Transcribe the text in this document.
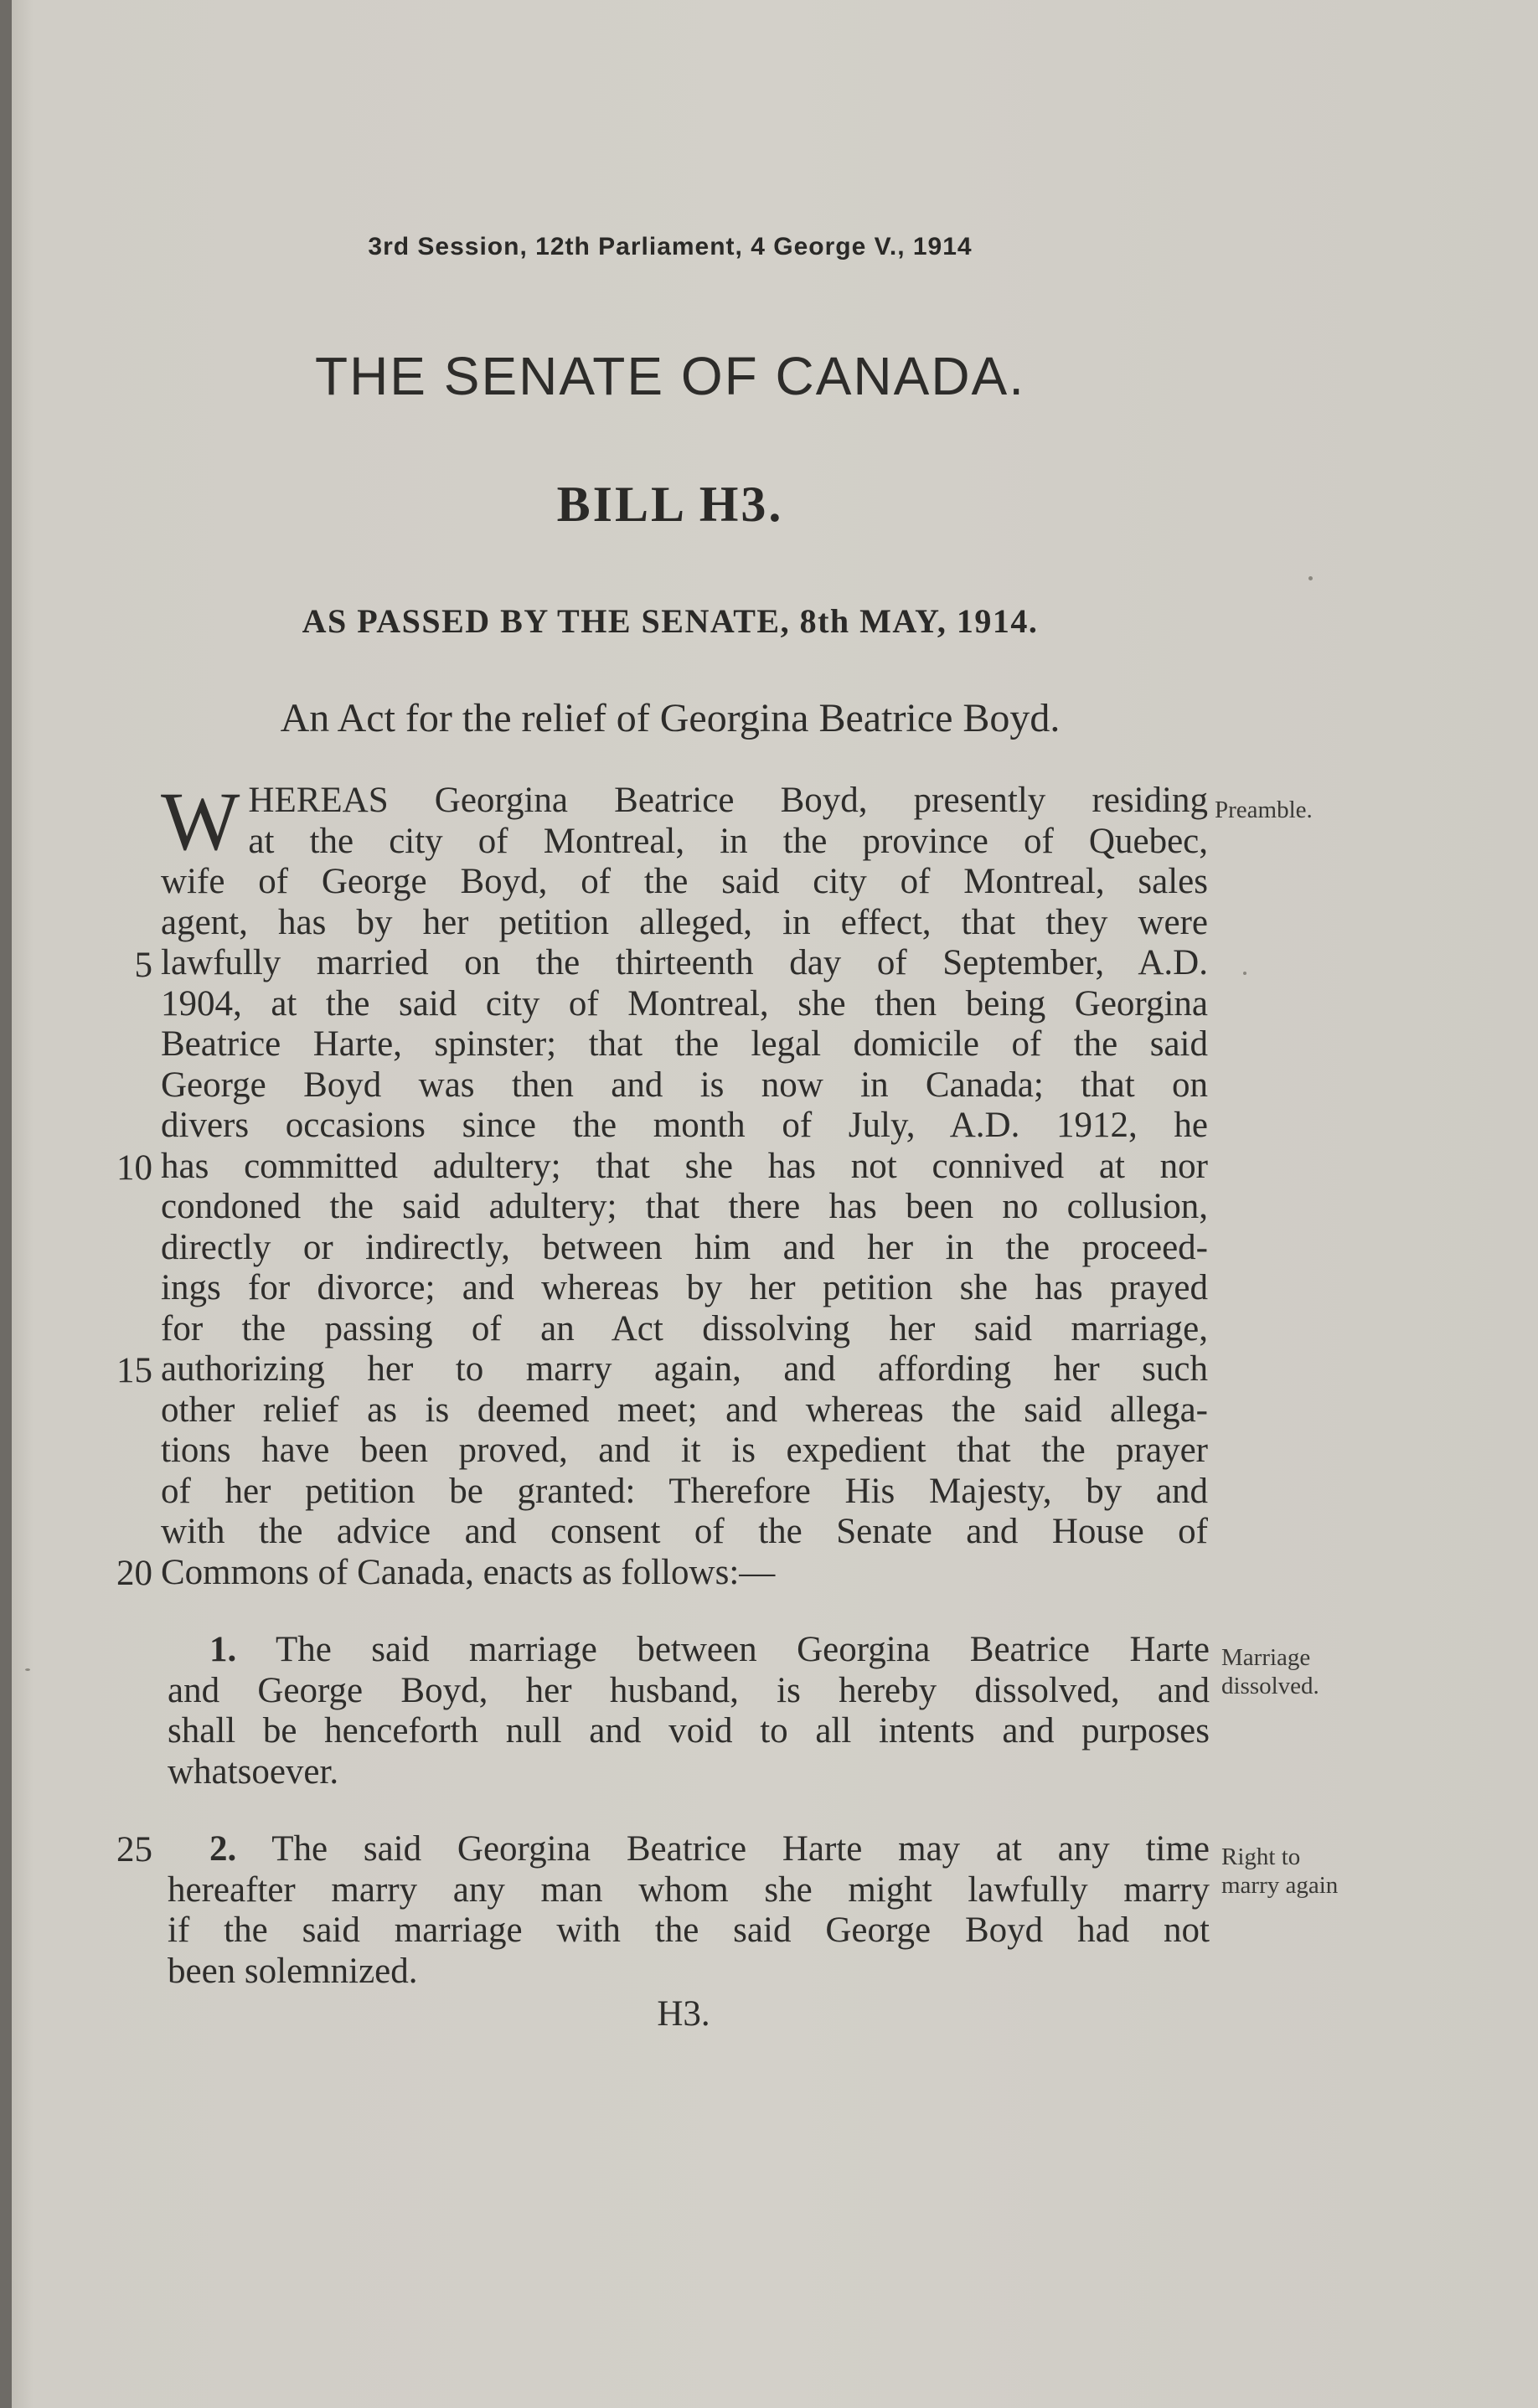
3rd Session, 12th Parliament, 4 George V., 1914
THE SENATE OF CANADA.
BILL H3.
AS PASSED BY THE SENATE, 8th MAY, 1914.
An Act for the relief of Georgina Beatrice Boyd.
W HEREAS Georgina Beatrice Boyd, presently residing
at the city of Montreal, in the province of Quebec,
wife of George Boyd, of the said city of Montreal, sales
agent, has by her petition alleged, in effect, that they were
lawfully married on the thirteenth day of September, A.D.
1904, at the said city of Montreal, she then being Georgina
Beatrice Harte, spinster; that the legal domicile of the said
George Boyd was then and is now in Canada; that on
divers occasions since the month of July, A.D. 1912, he
has committed adultery; that she has not connived at nor
condoned the said adultery; that there has been no collusion,
directly or indirectly, between him and her in the proceed-
ings for divorce; and whereas by her petition she has prayed
for the passing of an Act dissolving her said marriage,
authorizing her to marry again, and affording her such
other relief as is deemed meet; and whereas the said allega-
tions have been proved, and it is expedient that the prayer
of her petition be granted: Therefore His Majesty, by and
with the advice and consent of the Senate and House of
Commons of Canada, enacts as follows:—
Preamble.
5
10
15
20
25
1. The said marriage between Georgina Beatrice Harte
and George Boyd, her husband, is hereby dissolved, and
shall be henceforth null and void to all intents and purposes
whatsoever.
Marriage
dissolved.
2. The said Georgina Beatrice Harte may at any time
hereafter marry any man whom she might lawfully marry
if the said marriage with the said George Boyd had not
been solemnized.
Right to
marry again
H3.
